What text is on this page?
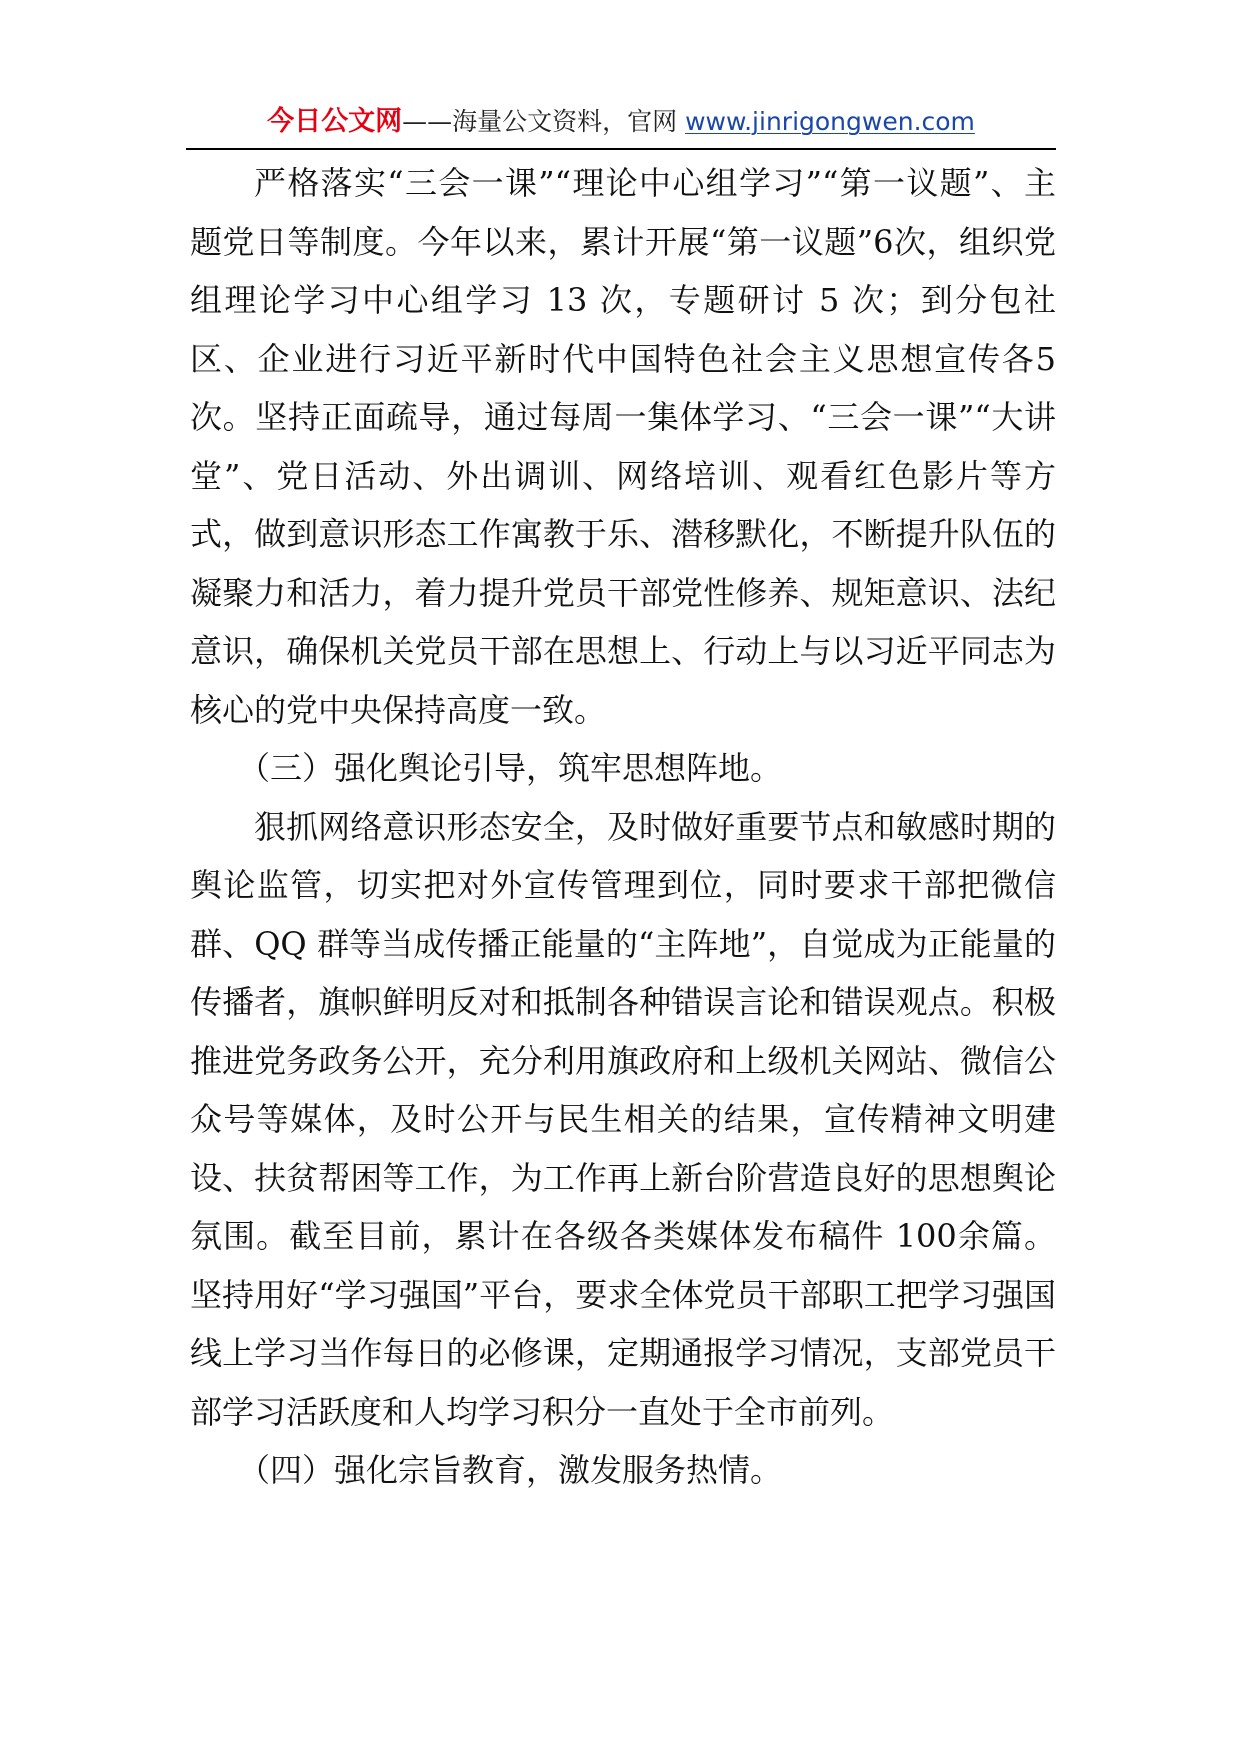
今日公文网——海量公文资料，官网 www.jinrigongwen.com

严格落实“三会一课”“理论中心组学习”“第一议题”、主题党日等制度。今年以来，累计开展“第一议题”6次，组织党组理论学习中心组学习 13 次，专题研讨 5 次；到分包社区、企业进行习近平新时代中国特色社会主义思想宣传各5次。坚持正面疏导，通过每周一集体学习、“三会一课”“大讲堂”、党日活动、外出调训、网络培训、观看红色影片等方式，做到意识形态工作寓教于乐、潜移默化，不断提升队伍的凝聚力和活力，着力提升党员干部党性修养、规矩意识、法纪意识，确保机关党员干部在思想上、行动上与以习近平同志为核心的党中央保持高度一致。

（三）强化舆论引导，筑牢思想阵地。

狠抓网络意识形态安全，及时做好重要节点和敏感时期的舆论监管，切实把对外宣传管理到位，同时要求干部把微信群、QQ 群等当成传播正能量的“主阵地”，自觉成为正能量的传播者，旗帜鲜明反对和抵制各种错误言论和错误观点。积极推进党务政务公开，充分利用旗政府和上级机关网站、微信公众号等媒体，及时公开与民生相关的结果，宣传精神文明建设、扶贫帮困等工作，为工作再上新台阶营造良好的思想舆论氛围。截至目前，累计在各级各类媒体发布稿件 100余篇。坚持用好“学习强国”平台，要求全体党员干部职工把学习强国线上学习当作每日的必修课，定期通报学习情况，支部党员干部学习活跃度和人均学习积分一直处于全市前列。

（四）强化宗旨教育，激发服务热情。
